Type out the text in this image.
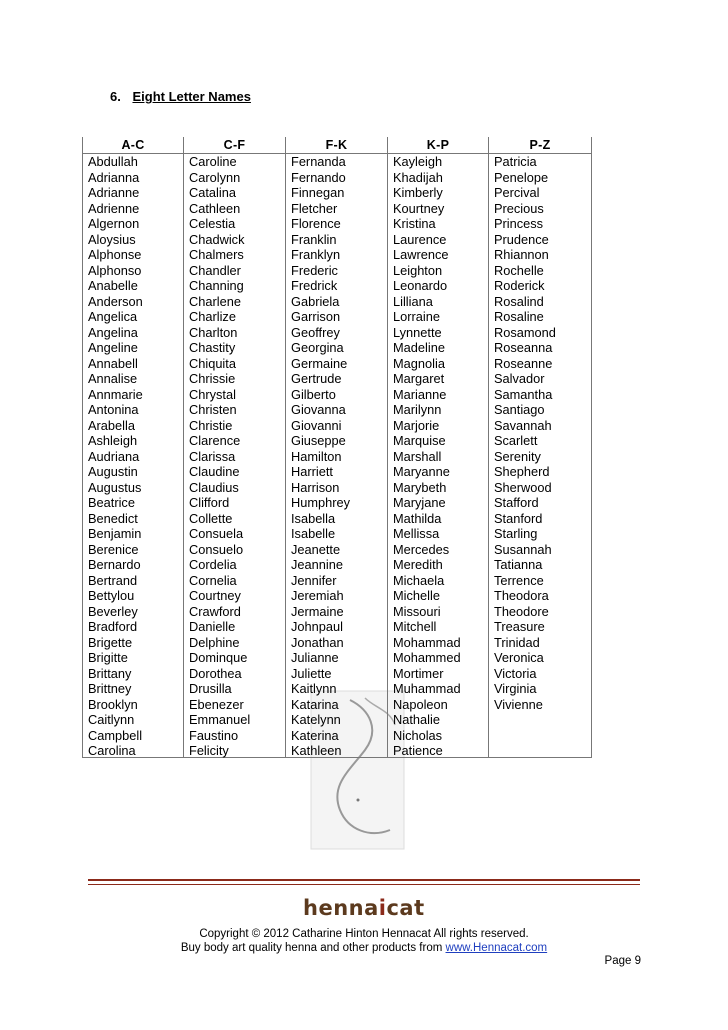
6. Eight Letter Names
A-C
Abdullah
Adrianna
Adrianne
Adrienne
Algernon
Aloysius
Alphonse
Alphonso
Anabelle
Anderson
Angelica
Angelina
Angeline
Annabell
Annalise
Annmarie
Antonina
Arabella
Ashleigh
Audriana
Augustin
Augustus
Beatrice
Benedict
Benjamin
Berenice
Bernardo
Bertrand
Bettylou
Beverley
Bradford
Brigette
Brigitte
Brittany
Brittney
Brooklyn
Caitlynn
Campbell
Carolina
C-F
Caroline
Carolynn
Catalina
Cathleen
Celestia
Chadwick
Chalmers
Chandler
Channing
Charlene
Charlize
Charlton
Chastity
Chiquita
Chrissie
Chrystal
Christen
Christie
Clarence
Clarissa
Claudine
Claudius
Clifford
Collette
Consuela
Consuelo
Cordelia
Cornelia
Courtney
Crawford
Danielle
Delphine
Dominque
Dorothea
Drusilla
Ebenezer
Emmanuel
Faustino
Felicity
F-K
Fernanda
Fernando
Finnegan
Fletcher
Florence
Franklin
Franklyn
Frederic
Fredrick
Gabriela
Garrison
Geoffrey
Georgina
Germaine
Gertrude
Gilberto
Giovanna
Giovanni
Giuseppe
Hamilton
Harriett
Harrison
Humphrey
Isabella
Isabelle
Jeanette
Jeannine
Jennifer
Jeremiah
Jermaine
Johnpaul
Jonathan
Julianne
Juliette
Kaitlynn
Katarina
Katelynn
Katerina
Kathleen
K-P
Kayleigh
Khadijah
Kimberly
Kourtney
Kristina
Laurence
Lawrence
Leighton
Leonardo
Lilliana
Lorraine
Lynnette
Madeline
Magnolia
Margaret
Marianne
Marilynn
Marjorie
Marquise
Marshall
Maryanne
Marybeth
Maryjane
Mathilda
Mellissa
Mercedes
Meredith
Michaela
Michelle
Missouri
Mitchell
Mohammad
Mohammed
Mortimer
Muhammad
Napoleon
Nathalie
Nicholas
Patience
P-Z
Patricia
Penelope
Percival
Precious
Princess
Prudence
Rhiannon
Rochelle
Roderick
Rosalind
Rosaline
Rosamond
Roseanna
Roseanne
Salvador
Samantha
Santiago
Savannah
Scarlett
Serenity
Shepherd
Sherwood
Stafford
Stanford
Starling
Susannah
Tatianna
Terrence
Theodora
Theodore
Treasure
Trinidad
Veronica
Victoria
Virginia
Vivienne
hennaicat
Copyright © 2012 Catharine Hinton Hennacat All rights reserved.
Buy body art quality henna and other products from www.Hennacat.com
Page 9
